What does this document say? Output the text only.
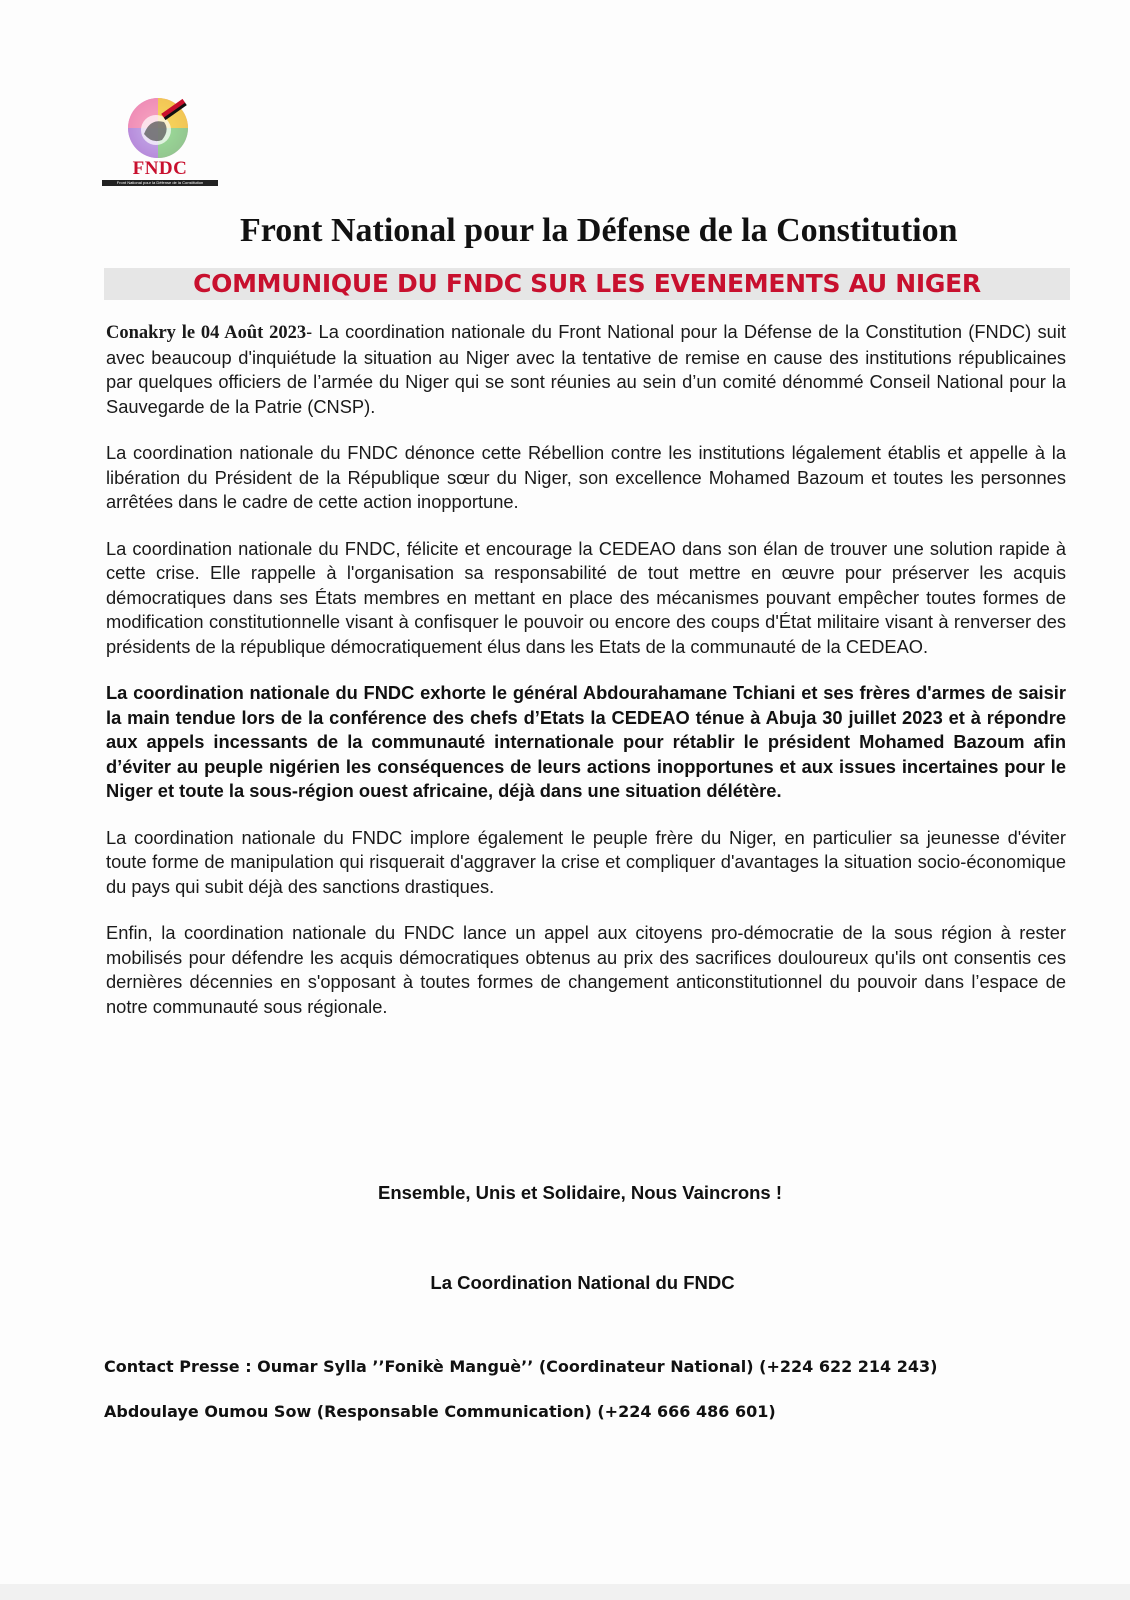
FNDC
Front National pour la Défense de la Constitution
Front National pour la Défense de la Constitution
COMMUNIQUE DU FNDC SUR LES EVENEMENTS AU NIGER

Conakry le 04 Août 2023- La coordination nationale du Front National pour la Défense de la Constitution (FNDC) suit avec beaucoup d'inquiétude la situation au Niger avec la tentative de remise en cause des institutions républicaines par quelques officiers de l’armée du Niger qui se sont réunies au sein d’un comité dénommé Conseil National pour la Sauvegarde de la Patrie (CNSP).

La coordination nationale du FNDC dénonce cette Rébellion contre les institutions légalement établis et appelle à la libération du Président de la République sœur du Niger, son excellence Mohamed Bazoum et toutes les personnes arrêtées dans le cadre de cette action inopportune.

La coordination nationale du FNDC, félicite et encourage la CEDEAO dans son élan de trouver une solution rapide à cette crise. Elle rappelle à l'organisation sa responsabilité de tout mettre en œuvre pour préserver les acquis démocratiques dans ses États membres en mettant en place des mécanismes pouvant empêcher toutes formes de modification constitutionnelle visant à confisquer le pouvoir ou encore des coups d'État militaire visant à renverser des présidents de la république démocratiquement élus dans les Etats de la communauté de la CEDEAO.

La coordination nationale du FNDC exhorte le général Abdourahamane Tchiani et ses frères d'armes de saisir la main tendue lors de la conférence des chefs d’Etats la CEDEAO ténue à Abuja 30 juillet 2023 et à répondre aux appels incessants de la communauté internationale pour rétablir le président Mohamed Bazoum afin d’éviter au peuple nigérien les conséquences de leurs actions inopportunes et aux issues incertaines pour le Niger et toute la sous-région ouest africaine, déjà dans une situation délétère.

La coordination nationale du FNDC implore également le peuple frère du Niger, en particulier sa jeunesse d'éviter toute forme de manipulation qui risquerait d'aggraver la crise et compliquer d'avantages la situation socio-économique du pays qui subit déjà des sanctions drastiques.

Enfin, la coordination nationale du FNDC lance un appel aux citoyens pro-démocratie de la sous région à rester mobilisés pour défendre les acquis démocratiques obtenus au prix des sacrifices douloureux qu'ils ont consentis ces dernières décennies en s'opposant à toutes formes de changement anticonstitutionnel du pouvoir dans l’espace de notre communauté sous régionale.

Ensemble, Unis et Solidaire, Nous Vaincrons !
La Coordination National du FNDC
Contact Presse : Oumar Sylla ’’Fonikè Manguè’’ (Coordinateur National) (+224 622 214 243)
Abdoulaye Oumou Sow (Responsable Communication) (+224 666 486 601)
